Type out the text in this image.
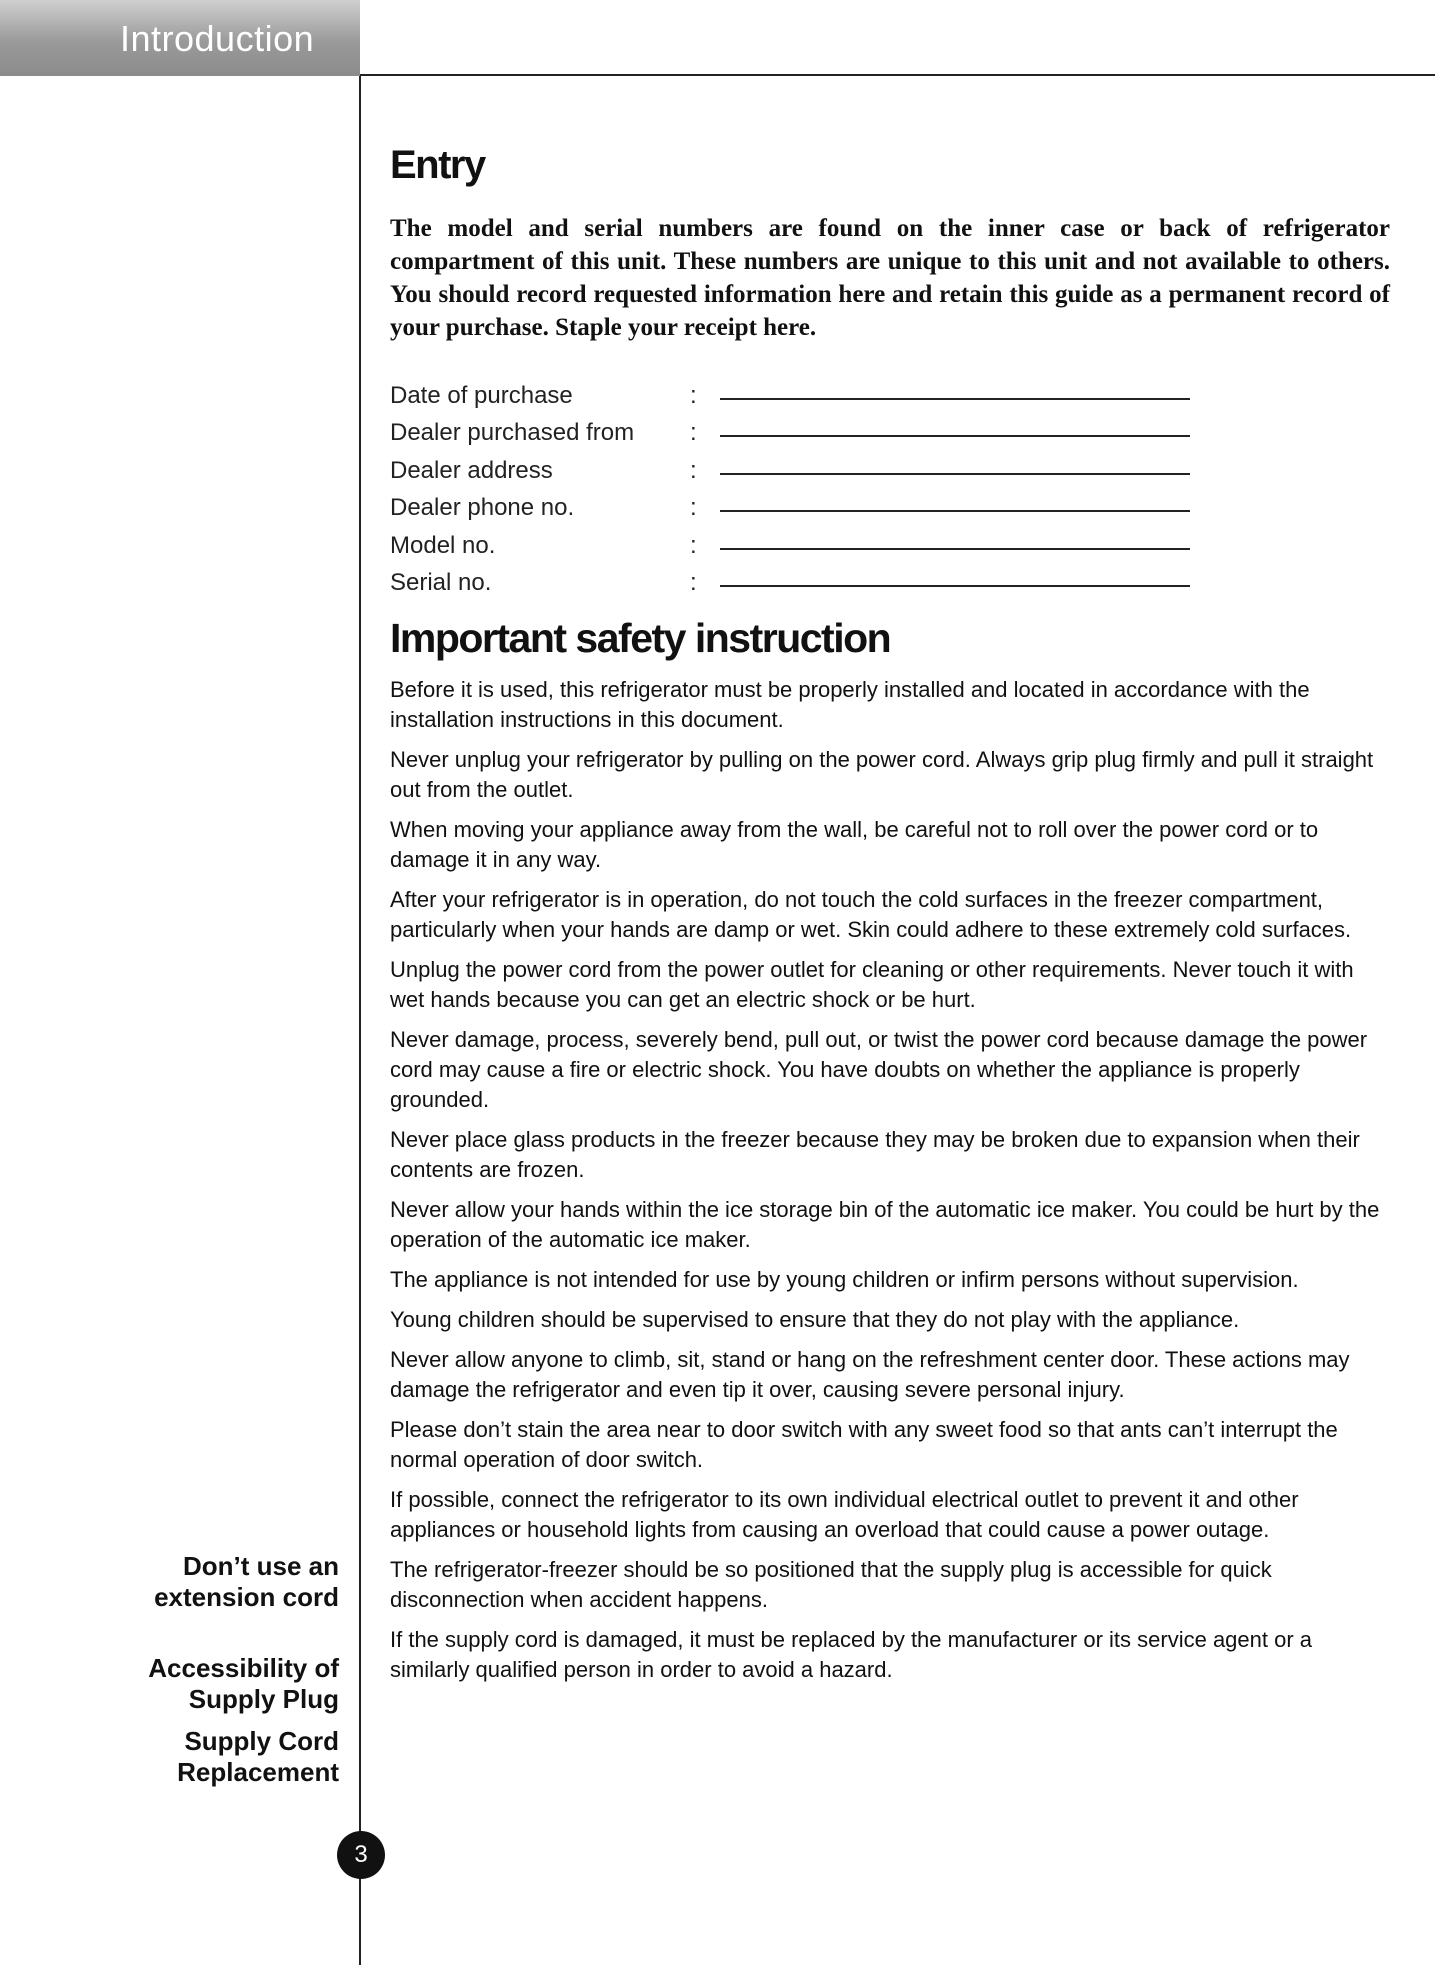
Introduction
Entry

The model and serial numbers are found on the inner case or back of refrigerator compartment of this unit. These numbers are unique to this unit and not available to others. You should record requested information here and retain this guide as a permanent record of your purchase. Staple your receipt here.

Date of purchase	:
Dealer purchased from	:
Dealer address	:
Dealer phone no.	:
Model no.	:
Serial no.	:
Important safety instruction

Before it is used, this refrigerator must be properly installed and located in accordance with the installation instructions in this document.

Never unplug your refrigerator by pulling on the power cord. Always grip plug firmly and pull it straight out from the outlet.

When moving your appliance away from the wall, be careful not to roll over the power cord or to damage it in any way.

After your refrigerator is in operation, do not touch the cold surfaces in the freezer compartment, particularly when your hands are damp or wet. Skin could adhere to these extremely cold surfaces.

Unplug the power cord from the power outlet for cleaning or other requirements. Never touch it with wet hands because you can get an electric shock or be hurt.

Never damage, process, severely bend, pull out, or twist the power cord because damage the power cord may cause a fire or electric shock. You have doubts on whether the appliance is properly grounded.

Never place glass products in the freezer because they may be broken due to expansion when their contents are frozen.

Never allow your hands within the ice storage bin of the automatic ice maker. You could be hurt by the operation of the automatic ice maker.

The appliance is not intended for use by young children or infirm persons without supervision.

Young children should be supervised to ensure that they do not play with the appliance.

Never allow anyone to climb, sit, stand or hang on the refreshment center door. These actions may damage the refrigerator and even tip it over, causing severe personal injury.

Please don’t stain the area near to door switch with any sweet food so that ants can’t interrupt the normal operation of door switch.

If possible, connect the refrigerator to its own individual electrical outlet to prevent it and other appliances or household lights from causing an overload that could cause a power outage.

The refrigerator-freezer should be so positioned that the supply plug is accessible for quick disconnection when accident happens.

If the supply cord is damaged, it must be replaced by the manufacturer or its service agent or a similarly qualified person in order to avoid a hazard.

Don’t use an
extension cord
Accessibility of
Supply Plug
Supply Cord
Replacement
3
